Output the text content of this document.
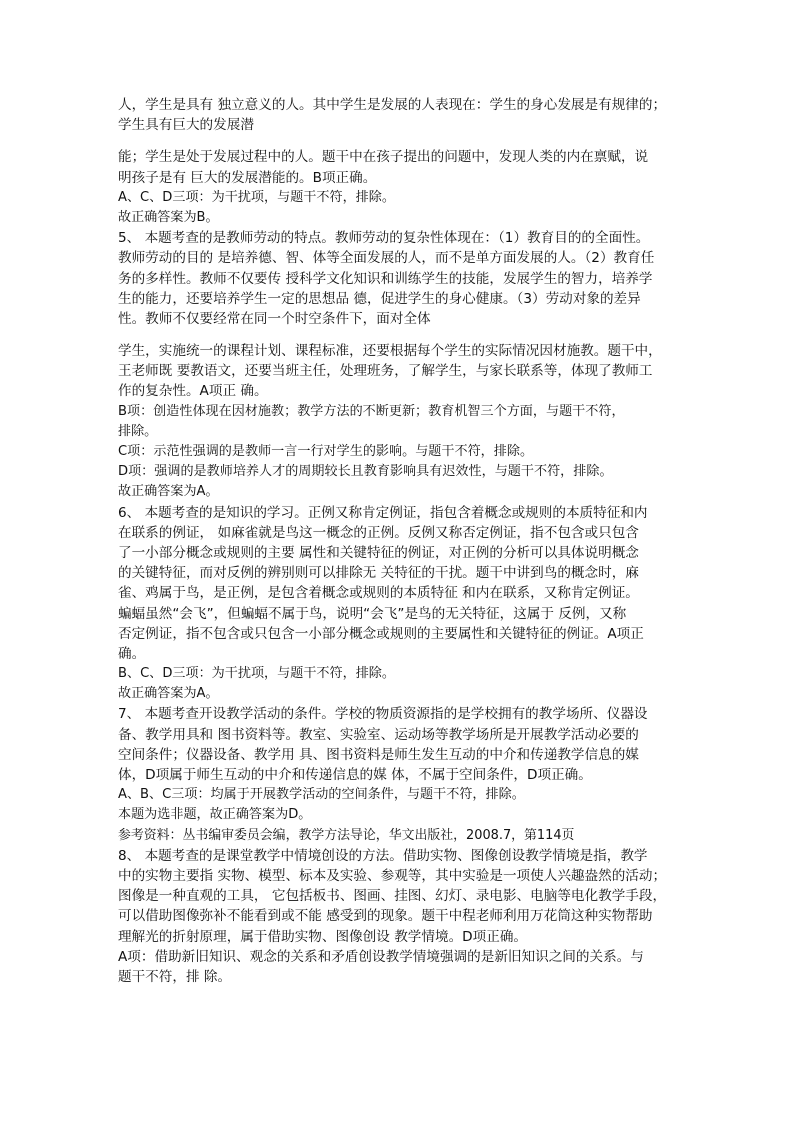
人，学生是具有 独立意义的人。其中学生是发展的人表现在：学生的身心发展是有规律的；
学生具有巨大的发展潜
能；学生是处于发展过程中的人。题干中在孩子提出的问题中，发现人类的内在禀赋，说
明孩子是有 巨大的发展潜能的。B项正确。
A、C、D三项：为干扰项，与题干不符，排除。
故正确答案为B。
5、 本题考查的是教师劳动的特点。教师劳动的复杂性体现在：（1）教育目的的全面性。
教师劳动的目的 是培养德、智、体等全面发展的人，而不是单方面发展的人。（2）教育任
务的多样性。教师不仅要传 授科学文化知识和训练学生的技能，发展学生的智力，培养学
生的能力，还要培养学生一定的思想品 德，促进学生的身心健康。（3）劳动对象的差异
性。教师不仅要经常在同一个时空条件下，面对全体
学生，实施统一的课程计划、课程标准，还要根据每个学生的实际情况因材施教。题干中，
王老师既 要教语文，还要当班主任，处理班务，了解学生，与家长联系等，体现了教师工
作的复杂性。A项正 确。
B项：创造性体现在因材施教；教学方法的不断更新；教育机智三个方面，与题干不符，
排除。
C项：示范性强调的是教师一言一行对学生的影响。与题干不符，排除。
D项：强调的是教师培养人才的周期较长且教育影响具有迟效性，与题干不符，排除。
故正确答案为A。
6、 本题考查的是知识的学习。正例又称肯定例证，指包含着概念或规则的本质特征和内
在联系的例证， 如麻雀就是鸟这一概念的正例。反例又称否定例证，指不包含或只包含
了一小部分概念或规则的主要 属性和关键特征的例证，对正例的分析可以具体说明概念
的关键特征，而对反例的辨别则可以排除无 关特征的干扰。题干中讲到鸟的概念时，麻
雀、鸡属于鸟，是正例，是包含着概念或规则的本质特征 和内在联系，又称肯定例证。
蝙蝠虽然“会飞”，但蝙蝠不属于鸟，说明“会飞”是鸟的无关特征，这属于 反例，又称
否定例证，指不包含或只包含一小部分概念或规则的主要属性和关键特征的例证。A项正
确。
B、C、D三项：为干扰项，与题干不符，排除。
故正确答案为A。
7、 本题考查开设教学活动的条件。学校的物质资源指的是学校拥有的教学场所、仪器设
备、教学用具和 图书资料等。教室、实验室、运动场等教学场所是开展教学活动必要的
空间条件；仪器设备、教学用 具、图书资料是师生发生互动的中介和传递教学信息的媒
体，D项属于师生互动的中介和传递信息的媒 体，不属于空间条件，D项正确。
A、B、C三项：均属于开展教学活动的空间条件，与题干不符，排除。
本题为选非题，故正确答案为D。
参考资料：丛书编审委员会编，教学方法导论，华文出版社，2008.7，第114页
8、 本题考查的是课堂教学中情境创设的方法。借助实物、图像创设教学情境是指，教学
中的实物主要指 实物、模型、标本及实验、参观等，其中实验是一项使人兴趣盎然的活动；
图像是一种直观的工具， 它包括板书、图画、挂图、幻灯、录电影、电脑等电化教学手段，
可以借助图像弥补不能看到或不能 感受到的现象。题干中程老师利用万花筒这种实物帮助
理解光的折射原理，属于借助实物、图像创设 教学情境。D项正确。
A项：借助新旧知识、观念的关系和矛盾创设教学情境强调的是新旧知识之间的关系。与
题干不符，排 除。
